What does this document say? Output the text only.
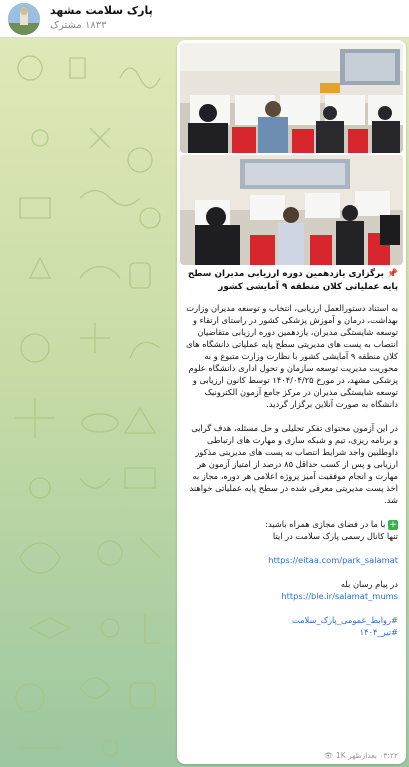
پارک سلامت مشهد
۱۸۳۳ مشترک

📌 برگزاری یازدهمین دوره ارزیابی مدیران سطح پایه عملیاتی کلان منطقه ۹ آمایشی کشور

به استناد دستورالعمل ارزیابی، انتخاب و توسعه مدیران وزارت بهداشت، درمان و آموزش پزشکی کشور در راستای ارتقاء و توسعه شایستگی مدیران، یازدهمین دوره ارزیابی متقاضیان انتصاب به پست های مدیریتی سطح پایه عملیاتی دانشگاه های کلان منطقه ۹ آمایشی کشور با نظارت وزارت متبوع و به محوریت مدیریت توسعه سازمان و تحول اداری دانشگاه علوم پزشکی مشهد، در مورخ ۱۴۰۴/۰۴/۲۵ توسط کانون ارزیابی و توسعه شایستگی مدیران در مرکز جامع آزمون الکترونیک دانشگاه به صورت آنلاین برگزار گردید.

در این آزمون محتوای تفکر تحلیلی و حل مسئله، هدف گرایی و برنامه ریزی، تیم و شبکه سازی و مهارت های ارتباطی داوطلبین واجد شرایط انتصاب به پست های مدیریتی مذکور ارزیابی و پس از کسب حداقل ۸۵ درصد از امتیاز آزمون هر مهارت و انجام موفقیت آمیز پروژه اعلامی هر دوره، مجاز به اخذ پست مدیریتی معرفی شده در سطح پایه عملیاتی خواهند شد.

+ با ما در فضای مجازی همراه باشید:

تنها کانال رسمی پارک سلامت در ایتا

https://eitaa.com/park_salamat

در پیام رسان بله

https://ble.ir/salamat_mums

#روابط_عمومی_پارک_سلامت

#تیر_۱۴۰۴

۰۳:۲۲ بعدازظهر 1K 👁
